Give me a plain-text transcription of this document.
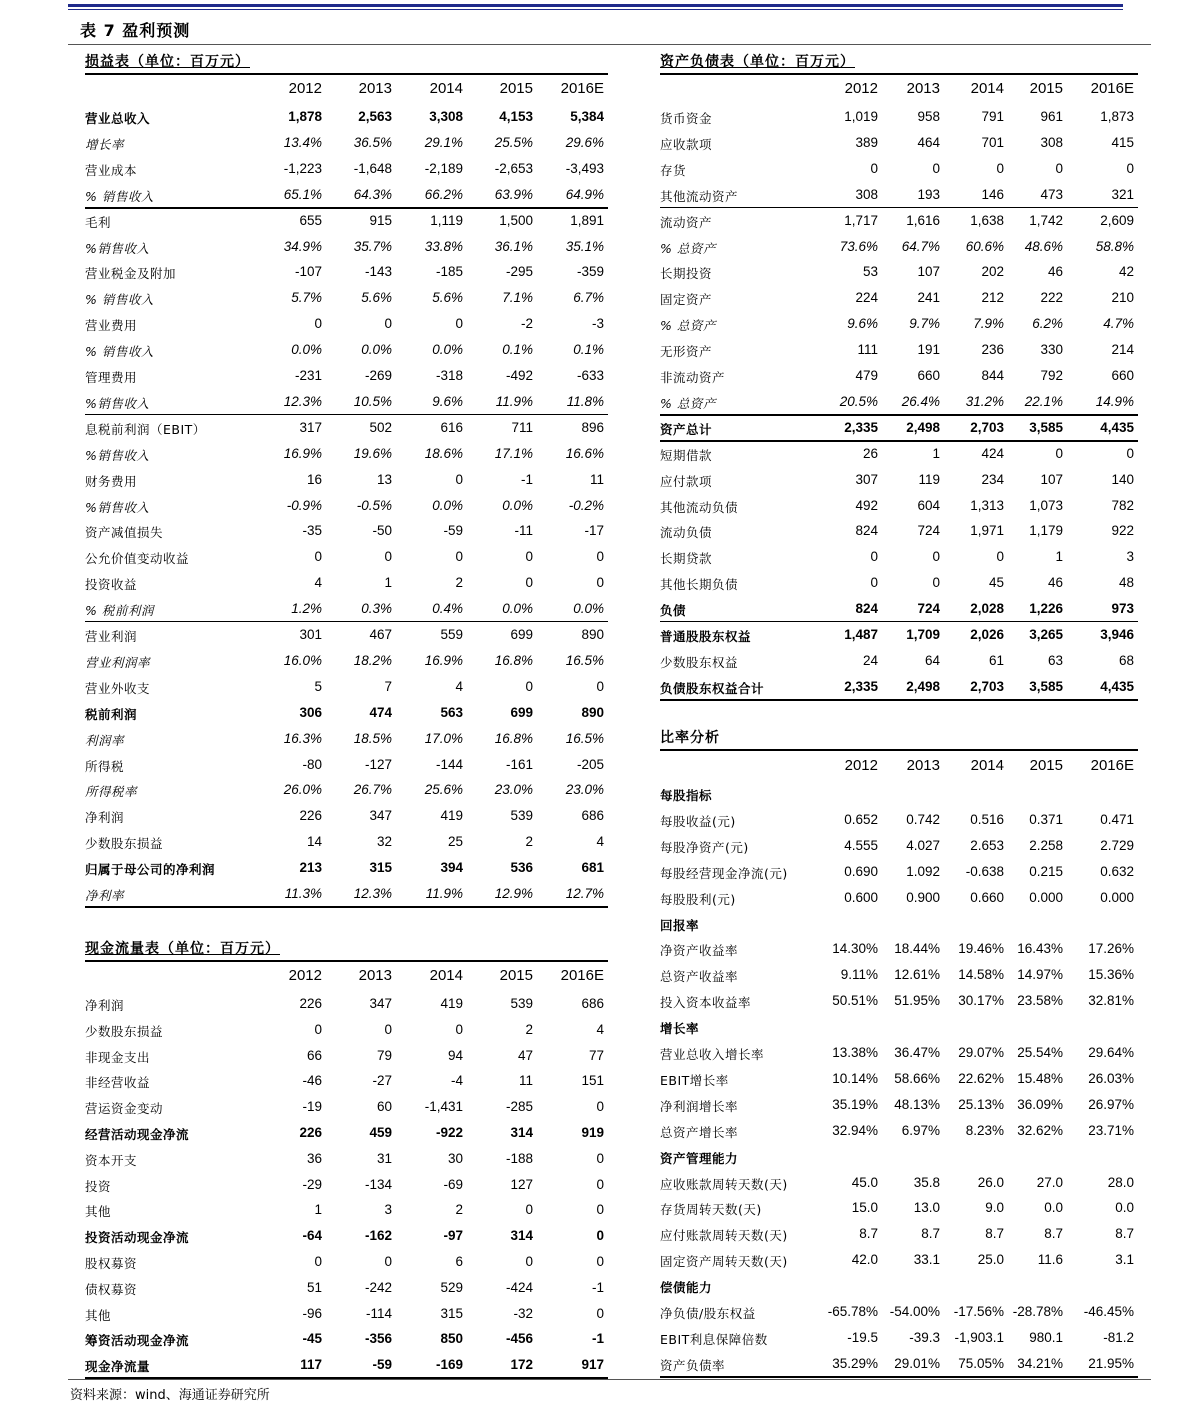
表 7 盈利预测
损益表（单位：百万元）
2012 2013	2014 2015 2016E
营业总收入	1,878	2,563	3,308	4,153	5,384
增长率	13.4% 36.5% 29.1% 25.5% 29.6%
营业成本	-1,223 -1,648 -2,189 -2,653 -3,493
% 销售收入	65.1% 64.3% 66.2% 63.9% 64.9%
毛利	655	915	1,119	1,500	1,891
%销售收入	34.9% 35.7% 33.8% 36.1% 35.1%
营业税金及附加	-107	-143	-185	-295	-359
% 销售收入	5.7%	5.6%	5.6%	7.1%	6.7%
营业费用	0	0	0	-2	-3
% 销售收入	0.0%	0.0%	0.0%	0.1%	0.1%
管理费用	-231	-269	-318	-492	-633
%销售收入	12.3% 10.5%	9.6% 11.9% 11.8%
息税前利润（EBIT）	317	502	616	711	896
%销售收入	16.9% 19.6% 18.6% 17.1% 16.6%
财务费用	16	13	0	-1	11
%销售收入	-0.9%	-0.5%	0.0%	0.0%	-0.2%
资产减值损失	-35	-50	-59	-11	-17
公允价值变动收益	0	0	0	0	0
投资收益	4	1	2	0	0
% 税前利润	1.2%	0.3%	0.4%	0.0%	0.0%
营业利润	301	467	559	699	890
营业利润率	16.0% 18.2% 16.9% 16.8% 16.5%
营业外收支	5	7	4	0	0
税前利润	306	474	563	699	890
利润率	16.3% 18.5% 17.0% 16.8% 16.5%
所得税	-80	-127	-144	-161	-205
所得税率	26.0% 26.7% 25.6% 23.0% 23.0%
净利润	226	347	419	539	686
少数股东损益	14	32	25	2	4
归属于母公司的净利润	213	315	394	536	681
净利率	11.3% 12.3% 11.9% 12.9% 12.7%
现金流量表（单位：百万元）
2012 2013	2014 2015 2016E
净利润	226	347	419	539	686
少数股东损益	0	0	0	2	4
非现金支出	66	79	94	47	77
非经营收益	-46	-27	-4	11	151
营运资金变动	-19	60 -1,431	-285	0
经营活动现金净流	226	459	-922	314	919
资本开支	36	31	30	-188	0
投资	-29	-134	-69	127	0
其他	1	3	2	0	0
投资活动现金净流	-64	-162	-97	314	0
股权募资	0	0	6	0	0
债权募资	51	-242	529	-424	-1
其他	-96	-114	315	-32	0
筹资活动现金净流	-45	-356	850	-456	-1
现金净流量	117	-59	-169	172	917
资产负债表（单位：百万元）
2012 2013 2014 2015 2016E
货币资金	1,019	958	791	961	1,873
应收款项	389	464	701	308	415
存货	0	0	0	0	0
其他流动资产	308	193	146	473	321
流动资产	1,717 1,616 1,638 1,742	2,609
% 总资产	73.6% 64.7% 60.6% 48.6% 58.8%
长期投资	53	107	202	46	42
固定资产	224	241	212	222	210
% 总资产	9.6% 9.7% 7.9% 6.2%	4.7%
无形资产	111	191	236	330	214
非流动资产	479	660	844	792	660
% 总资产	20.5% 26.4% 31.2% 22.1% 14.9%
资产总计	2,335 2,498 2,703 3,585	4,435
短期借款	26	1	424	0	0
应付款项	307	119	234	107	140
其他流动负债	492	604 1,313 1,073	782
流动负债	824	724 1,971 1,179	922
长期贷款	0	0	0	1	3
其他长期负债	0	0	45	46	48
负债	824	724 2,028 1,226	973
普通股股东权益	1,487 1,709 2,026 3,265	3,946
少数股东权益	24	64	61	63	68
负债股东权益合计	2,335 2,498 2,703 3,585	4,435
比率分析
2012 2013 2014 2015 2016E
每股指标
每股收益(元)	0.652 0.742 0.516 0.371	0.471
每股净资产(元)	4.555 4.027 2.653 2.258	2.729
每股经营现金净流(元)	0.690 1.092 -0.638 0.215	0.632
每股股利(元)	0.600 0.900 0.660 0.000	0.000
回报率
净资产收益率	14.30% 18.44% 19.46% 16.43% 17.26%
总资产收益率	9.11% 12.61% 14.58% 14.97% 15.36%
投入资本收益率	50.51% 51.95% 30.17% 23.58% 32.81%
增长率
营业总收入增长率	13.38% 36.47% 29.07% 25.54% 29.64%
EBIT增长率	10.14% 58.66% 22.62% 15.48% 26.03%
净利润增长率	35.19% 48.13% 25.13% 36.09% 26.97%
总资产增长率	32.94% 6.97% 8.23% 32.62% 23.71%
资产管理能力
应收账款周转天数(天)	45.0	35.8	26.0 27.0	28.0
存货周转天数(天)	15.0	13.0	9.0	0.0	0.0
应付账款周转天数(天)	8.7	8.7	8.7	8.7	8.7
固定资产周转天数(天)	42.0	33.1	25.0 11.6	3.1
偿债能力
净负债/股东权益	-65.78% -54.00% -17.56% -28.78% -46.45%
EBIT利息保障倍数	-19.5 -39.3 -1,903.1 980.1	-81.2
资产负债率	35.29% 29.01% 75.05% 34.21% 21.95%
资料来源：wind、海通证券研究所
